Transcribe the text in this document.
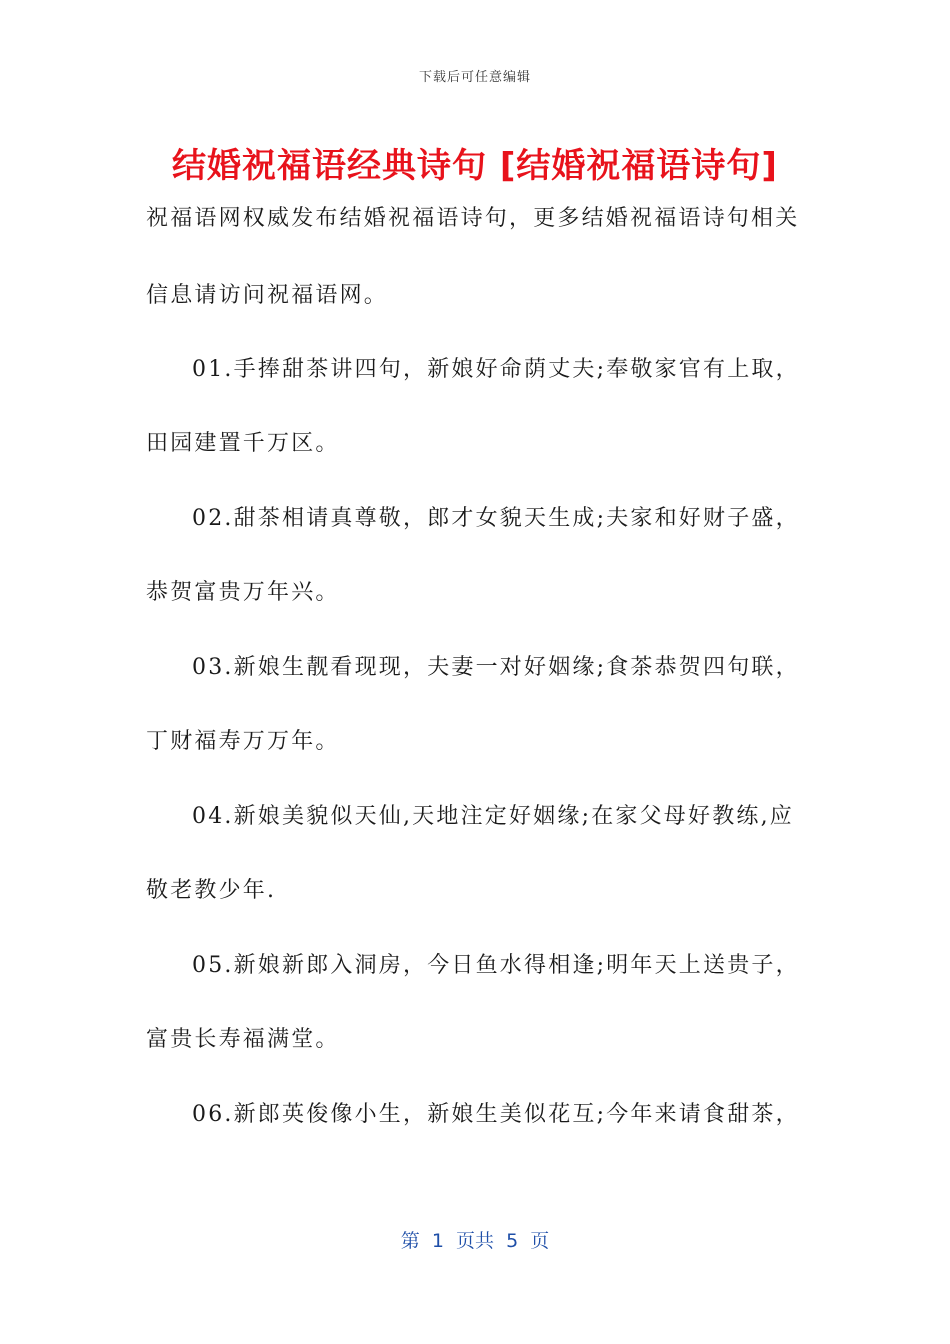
下载后可任意编辑
结婚祝福语经典诗句 [结婚祝福语诗句]
祝福语网权威发布结婚祝福语诗句，更多结婚祝福语诗句相关
信息请访问祝福语网。
01.手捧甜茶讲四句，新娘好命荫丈夫;奉敬家官有上取，
田园建置千万区。
02.甜茶相请真尊敬，郎才女貌天生成;夫家和好财子盛，
恭贺富贵万年兴。
03.新娘生靓看现现，夫妻一对好姻缘;食茶恭贺四句联，
丁财福寿万万年。
04.新娘美貌似天仙,天地注定好姻缘;在家父母好教练,应
敬老教少年.
05.新娘新郎入洞房，今日鱼水得相逢;明年天上送贵子，
富贵长寿福满堂。
06.新郎英俊像小生，新娘生美似花互;今年来请食甜茶，
第  1  页共  5  页
